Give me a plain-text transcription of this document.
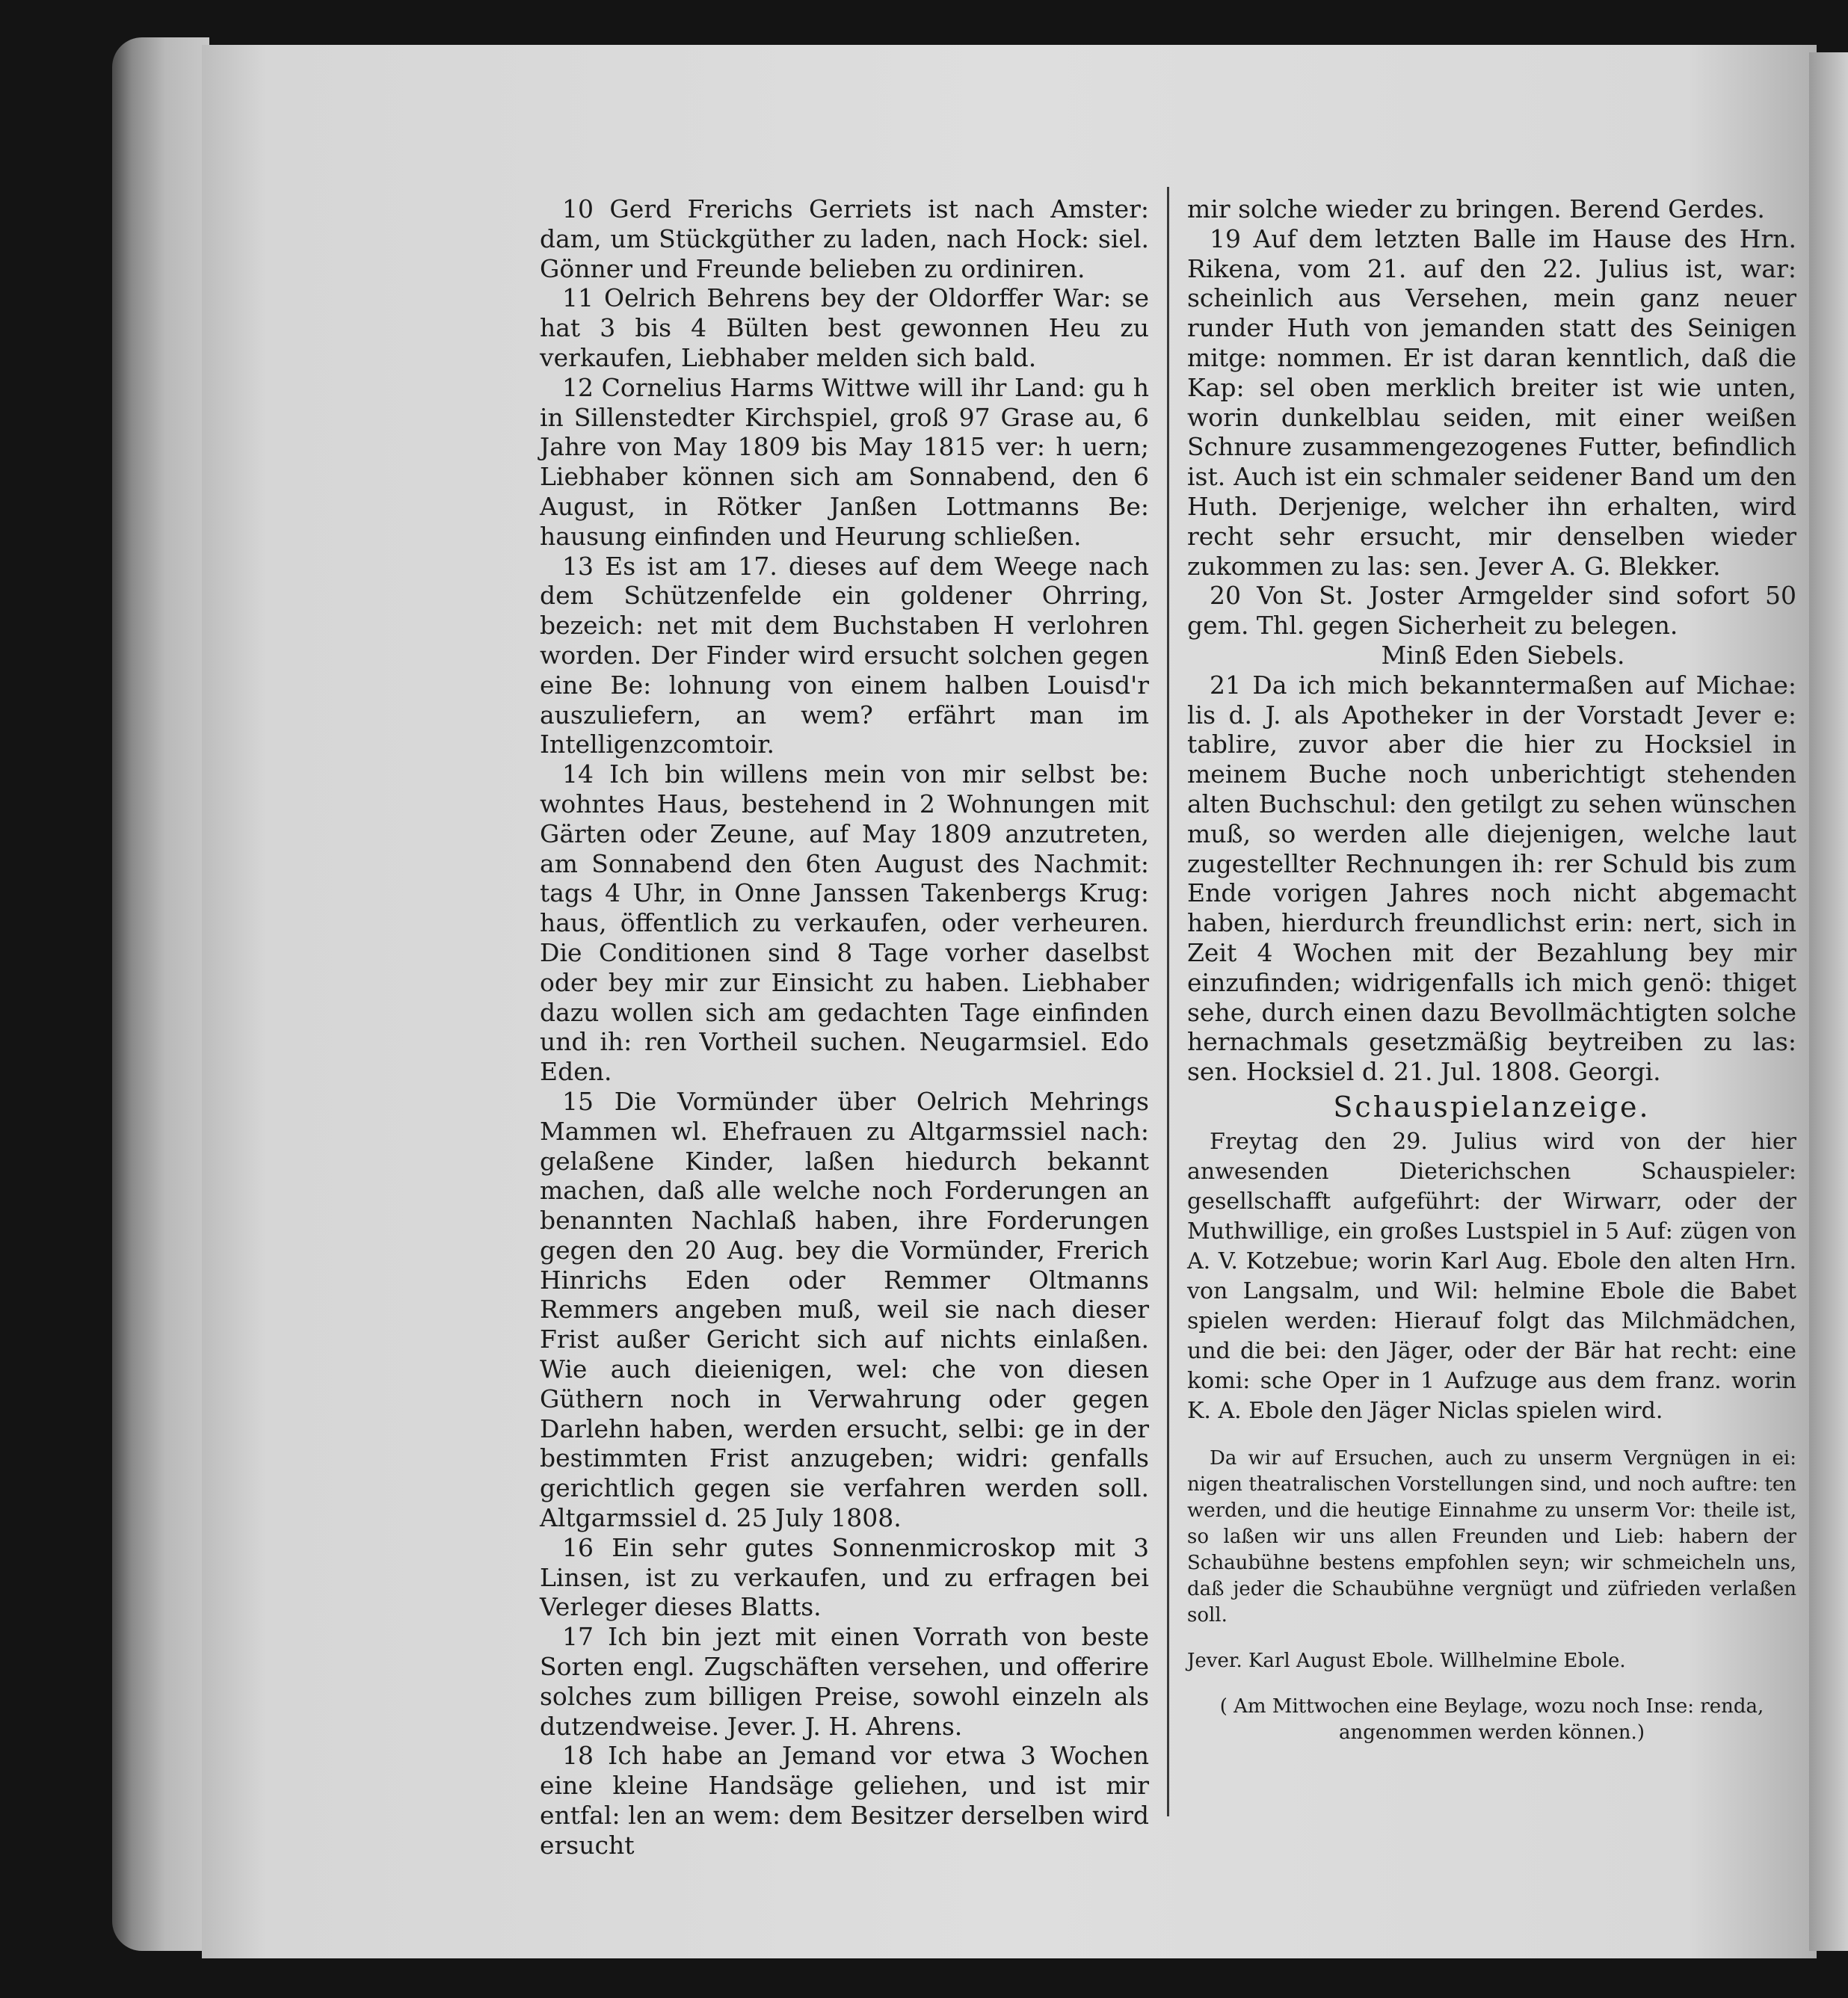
10 Gerd Frerichs Gerriets ist nach Amster: dam, um Stückgüther zu laden, nach Hock: siel. Gönner und Freunde belieben zu ordiniren.

11 Oelrich Behrens bey der Oldorffer War: se hat 3 bis 4 Bülten best gewonnen Heu zu verkaufen, Liebhaber melden sich bald.

12 Cornelius Harms Wittwe will ihr Land: gu h in Sillenstedter Kirchspiel, groß 97 Grase au, 6 Jahre von May 1809 bis May 1815 ver: h uern; Liebhaber können sich am Sonnabend, den 6 August, in Rötker Janßen Lottmanns Be: hausung einfinden und Heurung schließen.

13 Es ist am 17. dieses auf dem Weege nach dem Schützenfelde ein goldener Ohrring, bezeich: net mit dem Buchstaben H verlohren worden. Der Finder wird ersucht solchen gegen eine Be: lohnung von einem halben Louisd'r auszuliefern, an wem? erfährt man im Intelligenzcomtoir.

14 Ich bin willens mein von mir selbst be: wohntes Haus, bestehend in 2 Wohnungen mit Gärten oder Zeune, auf May 1809 anzutreten, am Sonnabend den 6ten August des Nachmit: tags 4 Uhr, in Onne Janssen Takenbergs Krug: haus, öffentlich zu verkaufen, oder verheuren. Die Conditionen sind 8 Tage vorher daselbst oder bey mir zur Einsicht zu haben. Liebhaber dazu wollen sich am gedachten Tage einfinden und ih: ren Vortheil suchen. Neugarmsiel. Edo Eden.

15 Die Vormünder über Oelrich Mehrings Mammen wl. Ehefrauen zu Altgarmssiel nach: gelaßene Kinder, laßen hiedurch bekannt machen, daß alle welche noch Forderungen an benannten Nachlaß haben, ihre Forderungen gegen den 20 Aug. bey die Vormünder, Frerich Hinrichs Eden oder Remmer Oltmanns Remmers angeben muß, weil sie nach dieser Frist außer Gericht sich auf nichts einlaßen. Wie auch dieienigen, wel: che von diesen Güthern noch in Verwahrung oder gegen Darlehn haben, werden ersucht, selbi: ge in der bestimmten Frist anzugeben; widri: genfalls gerichtlich gegen sie verfahren werden soll. Altgarmssiel d. 25 July 1808.

16 Ein sehr gutes Sonnenmicroskop mit 3 Linsen, ist zu verkaufen, und zu erfragen bei Verleger dieses Blatts.

17 Ich bin jezt mit einen Vorrath von beste Sorten engl. Zugschäften versehen, und offerire solches zum billigen Preise, sowohl einzeln als dutzendweise. Jever. J. H. Ahrens.

18 Ich habe an Jemand vor etwa 3 Wochen eine kleine Handsäge geliehen, und ist mir entfal: len an wem: dem Besitzer derselben wird ersucht

mir solche wieder zu bringen. Berend Gerdes.

19 Auf dem letzten Balle im Hause des Hrn. Rikena, vom 21. auf den 22. Julius ist, war: scheinlich aus Versehen, mein ganz neuer runder Huth von jemanden statt des Seinigen mitge: nommen. Er ist daran kenntlich, daß die Kap: sel oben merklich breiter ist wie unten, worin dunkelblau seiden, mit einer weißen Schnure zusammengezogenes Futter, befindlich ist. Auch ist ein schmaler seidener Band um den Huth. Derjenige, welcher ihn erhalten, wird recht sehr ersucht, mir denselben wieder zukommen zu las: sen. Jever A. G. Blekker.

20 Von St. Joster Armgelder sind sofort 50 gem. Thl. gegen Sicherheit zu belegen.

Minß Eden Siebels.

21 Da ich mich bekanntermaßen auf Michae: lis d. J. als Apotheker in der Vorstadt Jever e: tablire, zuvor aber die hier zu Hocksiel in meinem Buche noch unberichtigt stehenden alten Buchschul: den getilgt zu sehen wünschen muß, so werden alle diejenigen, welche laut zugestellter Rechnungen ih: rer Schuld bis zum Ende vorigen Jahres noch nicht abgemacht haben, hierdurch freundlichst erin: nert, sich in Zeit 4 Wochen mit der Bezahlung bey mir einzufinden; widrigenfalls ich mich genö: thiget sehe, durch einen dazu Bevollmächtigten solche hernachmals gesetzmäßig beytreiben zu las: sen. Hocksiel d. 21. Jul. 1808. Georgi.

Schauspielanzeige.

Freytag den 29. Julius wird von der hier anwesenden Dieterichschen Schauspieler: gesellschafft aufgeführt: der Wirwarr, oder der Muthwillige, ein großes Lustspiel in 5 Auf: zügen von A. V. Kotzebue; worin Karl Aug. Ebole den alten Hrn. von Langsalm, und Wil: helmine Ebole die Babet spielen werden: Hierauf folgt das Milchmädchen, und die bei: den Jäger, oder der Bär hat recht: eine komi: sche Oper in 1 Aufzuge aus dem franz. worin K. A. Ebole den Jäger Niclas spielen wird.

Da wir auf Ersuchen, auch zu unserm Vergnügen in ei: nigen theatralischen Vorstellungen sind, und noch auftre: ten werden, und die heutige Einnahme zu unserm Vor: theile ist, so laßen wir uns allen Freunden und Lieb: habern der Schaubühne bestens empfohlen seyn; wir schmeicheln uns, daß jeder die Schaubühne vergnügt und züfrieden verlaßen soll.

Jever. Karl August Ebole. Willhelmine Ebole.

( Am Mittwochen eine Beylage, wozu noch Inse: renda, angenommen werden können.)
